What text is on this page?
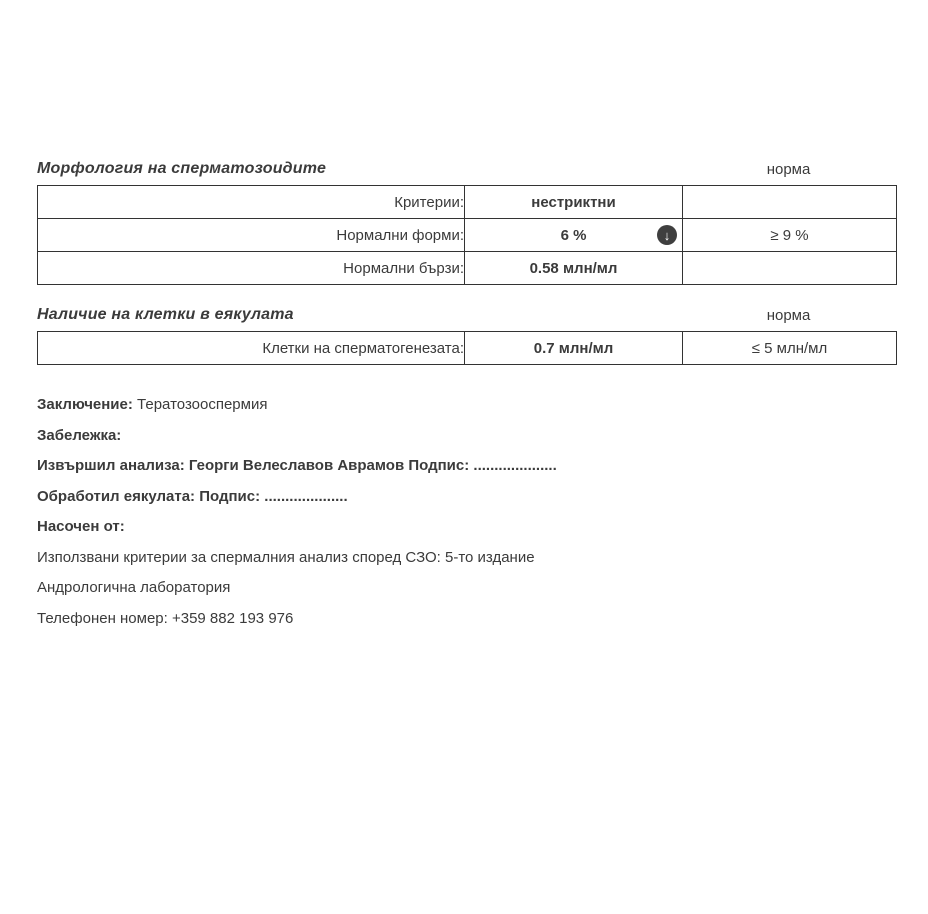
Морфология на сперматозоидите	норма
Критерии:	нестриктни	
Нормални форми:	6 % ↓	≥ 9 %
Нормални бързи:	0.58 млн/мл	
Наличие на клетки в еякулата	норма
Клетки на сперматогенезата:	0.7 млн/мл	≤ 5 млн/мл
Заключение: Тератозооспермия
Забележка:
Извършил анализа: Георги Велеславов Аврамов Подпис: ....................
Обработил еякулата: Подпис: ....................
Насочен от:
Използвани критерии за спермалния анализ според СЗО: 5-то издание
Андрологична лаборатория
Телефонен номер: +359 882 193 976
